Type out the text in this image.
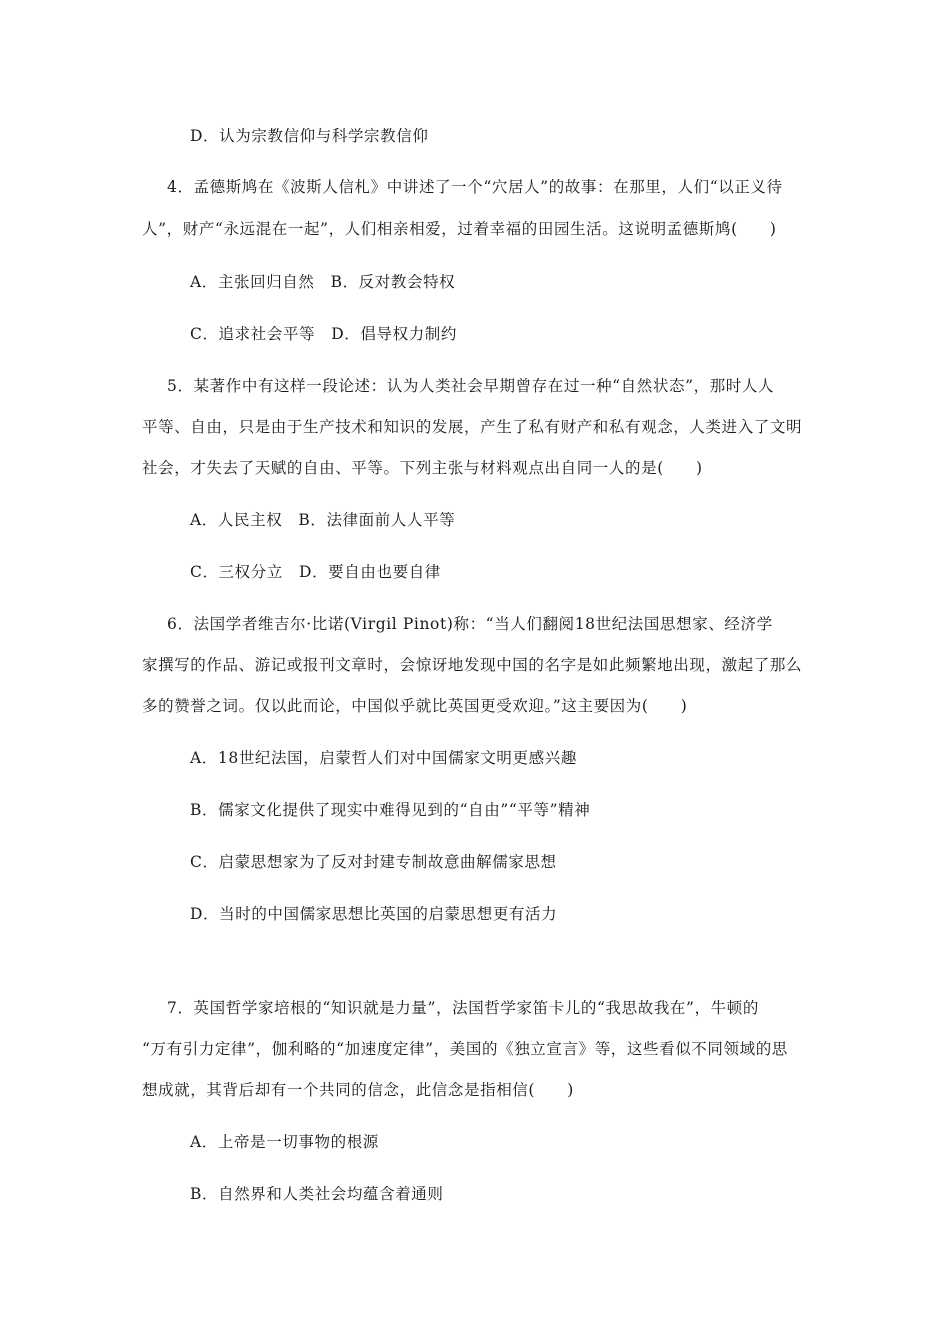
D．认为宗教信仰与科学宗教信仰
4．孟德斯鸠在《波斯人信札》中讲述了一个“穴居人”的故事：在那里，人们“以正义待
人”，财产“永远混在一起”，人们相亲相爱，过着幸福的田园生活。这说明孟德斯鸠(　　)
A．主张回归自然　B．反对教会特权
C．追求社会平等　D．倡导权力制约
5．某著作中有这样一段论述：认为人类社会早期曾存在过一种“自然状态”，那时人人
平等、自由，只是由于生产技术和知识的发展，产生了私有财产和私有观念，人类进入了文明
社会，才失去了天赋的自由、平等。下列主张与材料观点出自同一人的是(　　)
A．人民主权　B．法律面前人人平等
C．三权分立　D．要自由也要自律
6．法国学者维吉尔·比诺(Virgil Pinot)称：“当人们翻阅18世纪法国思想家、经济学
家撰写的作品、游记或报刊文章时，会惊讶地发现中国的名字是如此频繁地出现，激起了那么
多的赞誉之词。仅以此而论，中国似乎就比英国更受欢迎。”这主要因为(　　)
A．18世纪法国，启蒙哲人们对中国儒家文明更感兴趣
B．儒家文化提供了现实中难得见到的“自由”“平等”精神
C．启蒙思想家为了反对封建专制故意曲解儒家思想
D．当时的中国儒家思想比英国的启蒙思想更有活力
7．英国哲学家培根的“知识就是力量”，法国哲学家笛卡儿的“我思故我在”，牛顿的
“万有引力定律”，伽利略的“加速度定律”，美国的《独立宣言》等，这些看似不同领域的思
想成就，其背后却有一个共同的信念，此信念是指相信(　　)
A．上帝是一切事物的根源
B．自然界和人类社会均蕴含着通则
